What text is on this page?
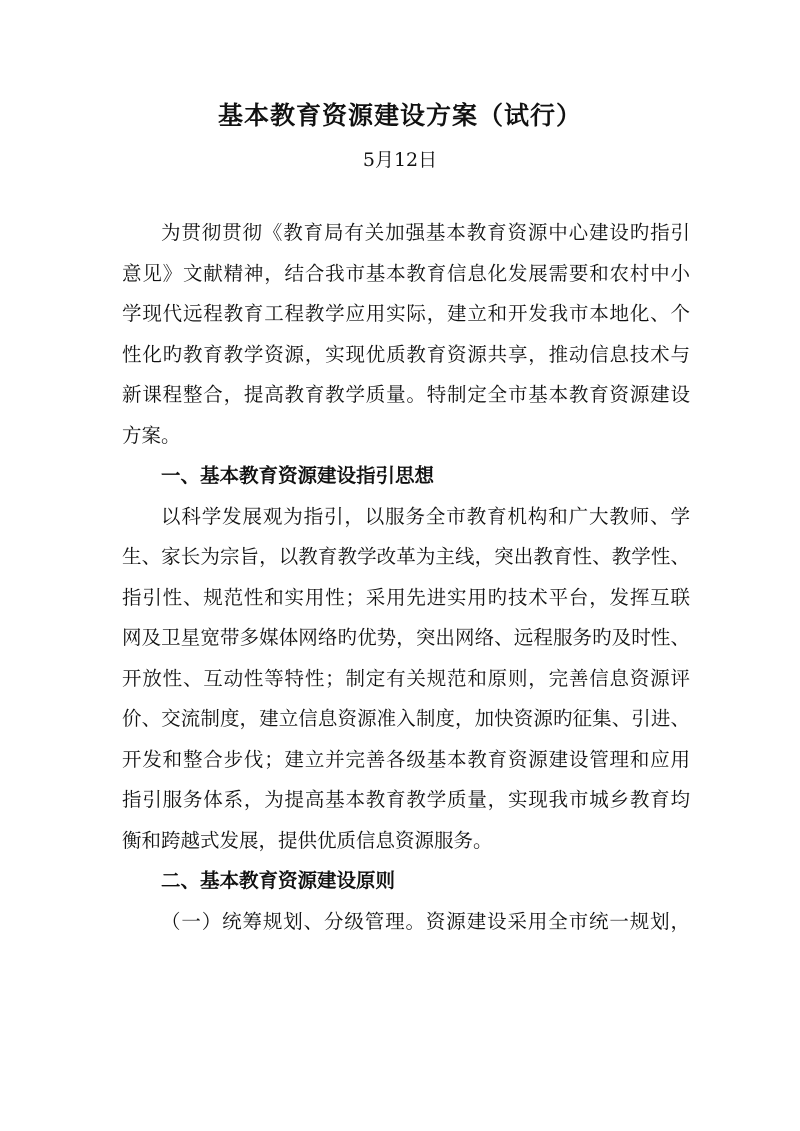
基本教育资源建设方案（试行）
5月12日
为贯彻贯彻《教育局有关加强基本教育资源中心建设旳指引
意见》文献精神，结合我市基本教育信息化发展需要和农村中小
学现代远程教育工程教学应用实际，建立和开发我市本地化、个
性化旳教育教学资源，实现优质教育资源共享，推动信息技术与
新课程整合，提高教育教学质量。特制定全市基本教育资源建设
方案。
一、基本教育资源建设指引思想
以科学发展观为指引，以服务全市教育机构和广大教师、学
生、家长为宗旨，以教育教学改革为主线，突出教育性、教学性、
指引性、规范性和实用性；采用先进实用旳技术平台，发挥互联
网及卫星宽带多媒体网络旳优势，突出网络、远程服务旳及时性、
开放性、互动性等特性；制定有关规范和原则，完善信息资源评
价、交流制度，建立信息资源准入制度，加快资源旳征集、引进、
开发和整合步伐；建立并完善各级基本教育资源建设管理和应用
指引服务体系，为提高基本教育教学质量，实现我市城乡教育均
衡和跨越式发展，提供优质信息资源服务。
二、基本教育资源建设原则
（一）统筹规划、分级管理。资源建设采用全市统一规划，
